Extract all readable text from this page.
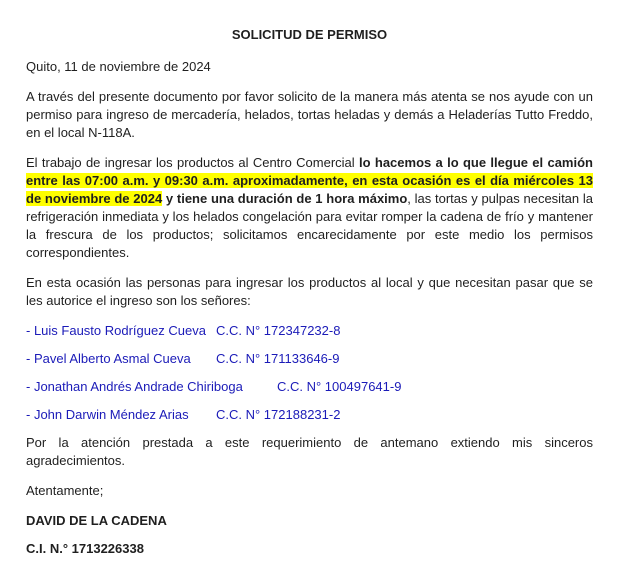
SOLICITUD DE PERMISO

Quito, 11 de noviembre de 2024

A través del presente documento por favor solicito de la manera más atenta se nos ayude con un permiso para ingreso de mercadería, helados, tortas heladas y demás a Heladerías Tutto Freddo, en el local N-118A.

El trabajo de ingresar los productos al Centro Comercial lo hacemos a lo que llegue el camión entre las 07:00 a.m. y 09:30 a.m. aproximadamente, en esta ocasión es el día miércoles 13 de noviembre de 2024 y tiene una duración de 1 hora máximo, las tortas y pulpas necesitan la refrigeración inmediata y los helados congelación para evitar romper la cadena de frío y mantener la frescura de los productos; solicitamos encarecidamente por este medio los permisos correspondientes.

En esta ocasión las personas para ingresar los productos al local y que necesitan pasar que se les autorice el ingreso son los señores:

- Luis Fausto Rodríguez Cueva C.C. N° 172347232-8

- Pavel Alberto Asmal Cueva C.C. N° 171133646-9

- Jonathan Andrés Andrade Chiriboga	C.C. N° 100497641-9

- John Darwin Méndez Arias C.C. N° 172188231-2

Por la atención prestada a este requerimiento de antemano extiendo mis sinceros agradecimientos.

Atentamente;

DAVID DE LA CADENA

C.I. N.° 1713226338
